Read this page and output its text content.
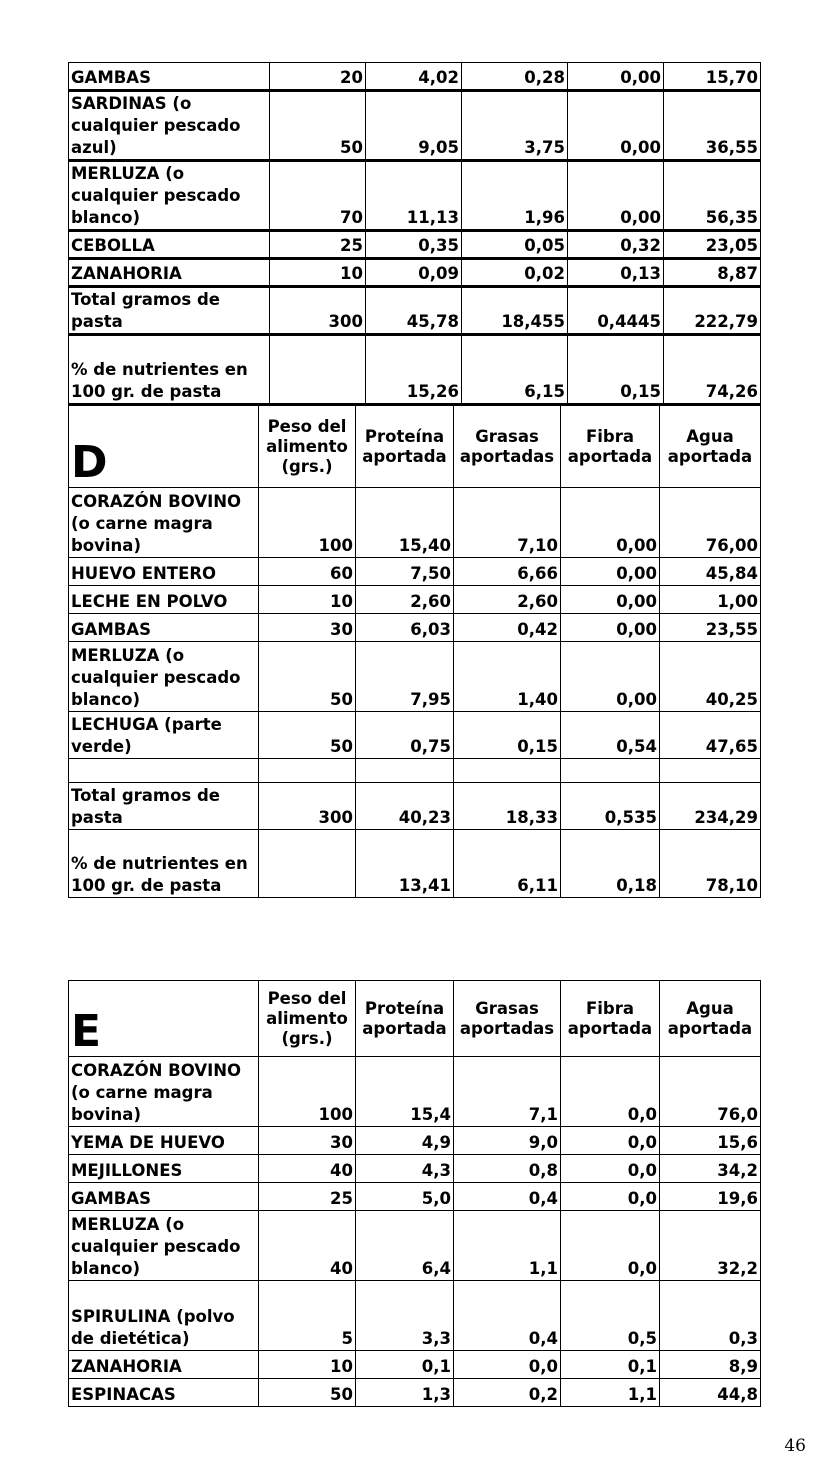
GAMBAS	20	4,02	0,28	0,00	15,70
SARDINAS (o cualquier pescado azul)	50	9,05	3,75	0,00	36,55
MERLUZA (o cualquier pescado blanco)	70	11,13	1,96	0,00	56,35
CEBOLLA	25	0,35	0,05	0,32	23,05
ZANAHORIA	10	0,09	0,02	0,13	8,87
Total gramos de pasta	300	45,78	18,455	0,4445	222,79
% de nutrientes en 100 gr. de pasta		15,26	6,15	0,15	74,26
D	Peso del alimento (grs.)	Proteína aportada	Grasas aportadas	Fibra aportada	Agua aportada
CORAZÓN BOVINO (o carne magra bovina)	100	15,40	7,10	0,00	76,00
HUEVO ENTERO	60	7,50	6,66	0,00	45,84
LECHE EN POLVO	10	2,60	2,60	0,00	1,00
GAMBAS	30	6,03	0,42	0,00	23,55
MERLUZA (o cualquier pescado blanco)	50	7,95	1,40	0,00	40,25
LECHUGA (parte verde)	50	0,75	0,15	0,54	47,65

Total gramos de pasta	300	40,23	18,33	0,535	234,29
% de nutrientes en 100 gr. de pasta		13,41	6,11	0,18	78,10
E	Peso del alimento (grs.)	Proteína aportada	Grasas aportadas	Fibra aportada	Agua aportada
CORAZÓN BOVINO (o carne magra bovina)	100	15,4	7,1	0,0	76,0
YEMA DE HUEVO	30	4,9	9,0	0,0	15,6
MEJILLONES	40	4,3	0,8	0,0	34,2
GAMBAS	25	5,0	0,4	0,0	19,6
MERLUZA (o cualquier pescado blanco)	40	6,4	1,1	0,0	32,2
SPIRULINA (polvo de dietética)	5	3,3	0,4	0,5	0,3
ZANAHORIA	10	0,1	0,0	0,1	8,9
ESPINACAS	50	1,3	0,2	1,1	44,8
46
